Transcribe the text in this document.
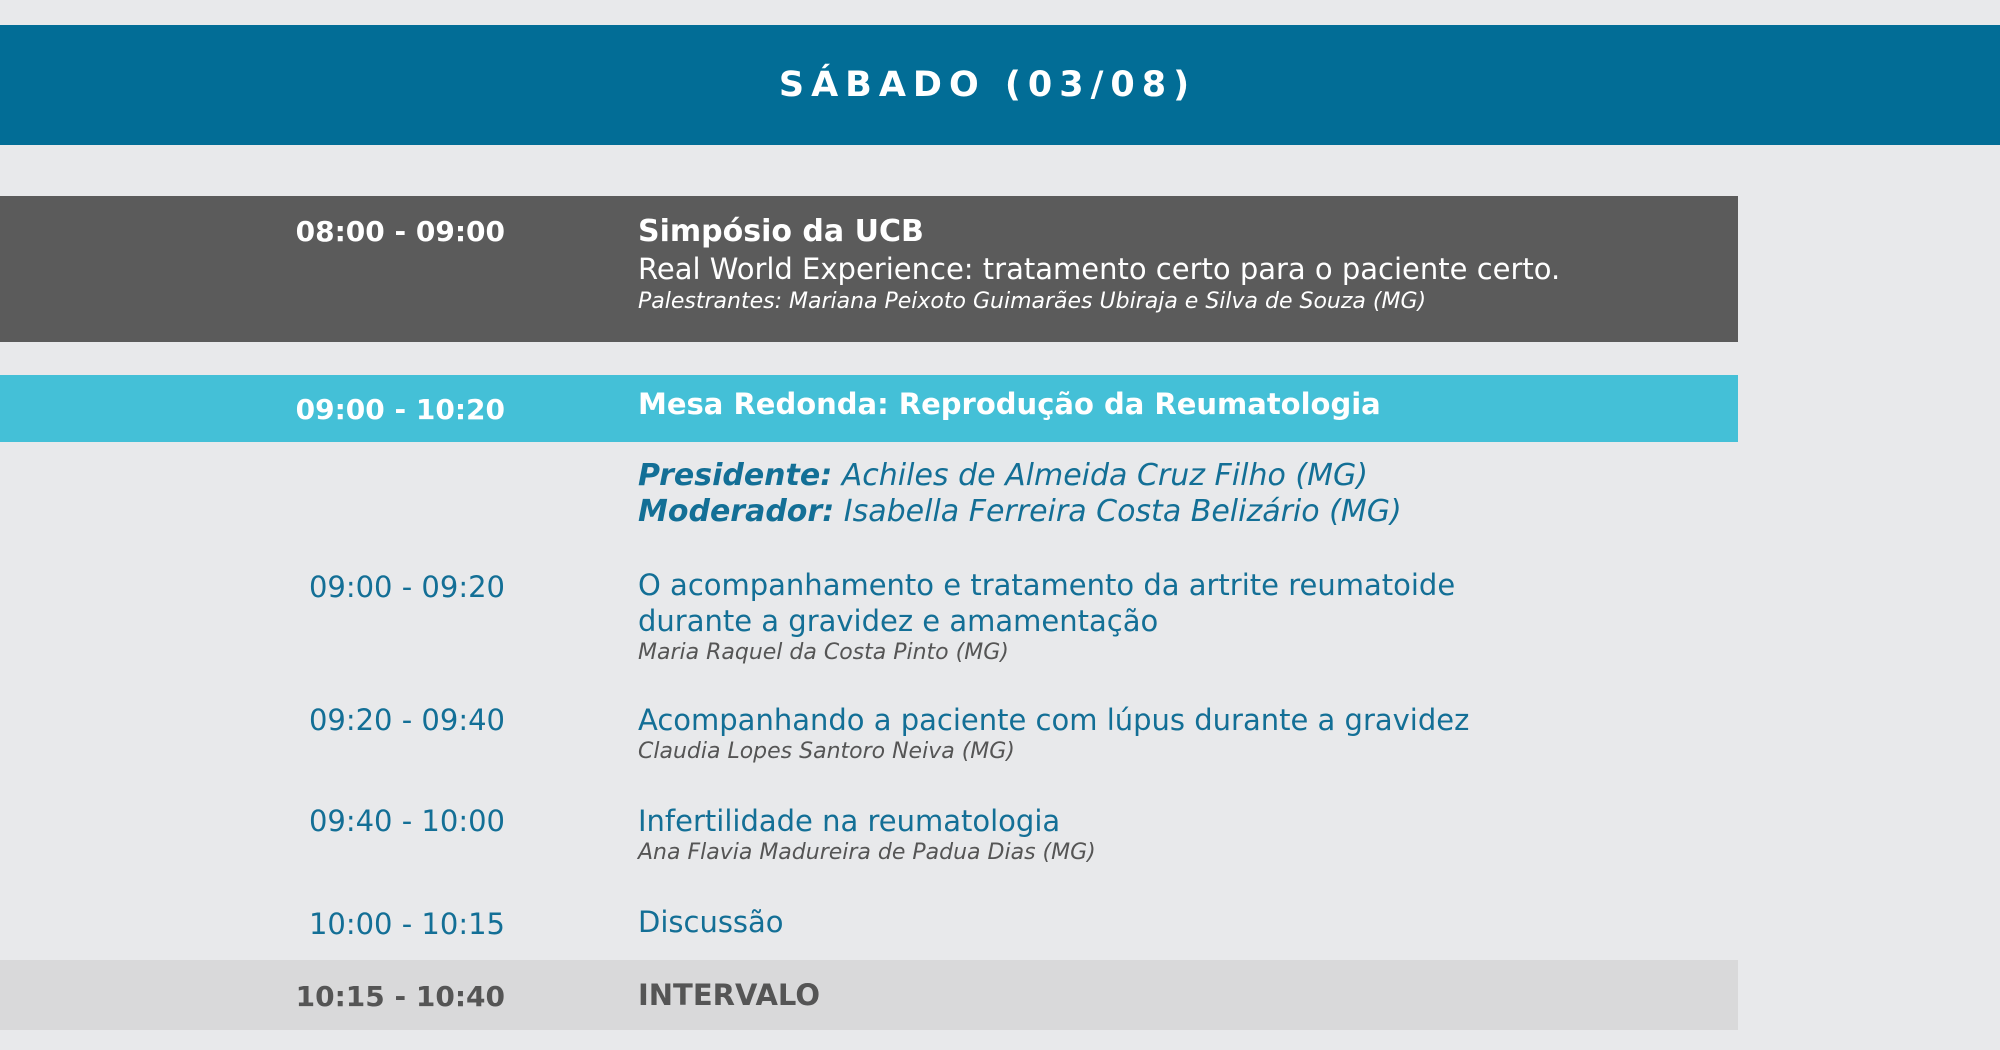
SÁBADO (03/08)
08:00 - 09:00	Simpósio da UCB
Real World Experience: tratamento certo para o paciente certo.
Palestrantes: Mariana Peixoto Guimarães Ubiraja e Silva de Souza (MG)
09:00 - 10:20	Mesa Redonda: Reprodução da Reumatologia
Presidente: Achiles de Almeida Cruz Filho (MG)
Moderador: Isabella Ferreira Costa Belizário (MG)
09:00 - 09:20	O acompanhamento e tratamento da artrite reumatoide
durante a gravidez e amamentação
Maria Raquel da Costa Pinto (MG)
09:20 - 09:40	Acompanhando a paciente com lúpus durante a gravidez
Claudia Lopes Santoro Neiva (MG)
09:40 - 10:00	Infertilidade na reumatologia
Ana Flavia Madureira de Padua Dias (MG)
10:00 - 10:15	Discussão
10:15 - 10:40	INTERVALO
